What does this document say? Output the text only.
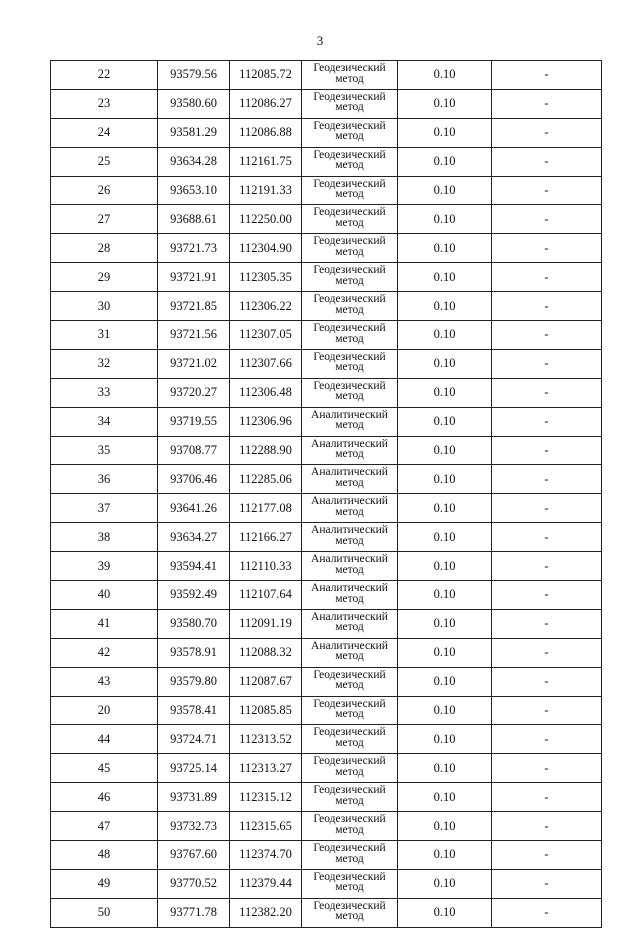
3
22	93579.56	112085.72	Геодезический метод	0.10	-
23	93580.60	112086.27	Геодезический метод	0.10	-
24	93581.29	112086.88	Геодезический метод	0.10	-
25	93634.28	112161.75	Геодезический метод	0.10	-
26	93653.10	112191.33	Геодезический метод	0.10	-
27	93688.61	112250.00	Геодезический метод	0.10	-
28	93721.73	112304.90	Геодезический метод	0.10	-
29	93721.91	112305.35	Геодезический метод	0.10	-
30	93721.85	112306.22	Геодезический метод	0.10	-
31	93721.56	112307.05	Геодезический метод	0.10	-
32	93721.02	112307.66	Геодезический метод	0.10	-
33	93720.27	112306.48	Геодезический метод	0.10	-
34	93719.55	112306.96	Аналитический метод	0.10	-
35	93708.77	112288.90	Аналитический метод	0.10	-
36	93706.46	112285.06	Аналитический метод	0.10	-
37	93641.26	112177.08	Аналитический метод	0.10	-
38	93634.27	112166.27	Аналитический метод	0.10	-
39	93594.41	112110.33	Аналитический метод	0.10	-
40	93592.49	112107.64	Аналитический метод	0.10	-
41	93580.70	112091.19	Аналитический метод	0.10	-
42	93578.91	112088.32	Аналитический метод	0.10	-
43	93579.80	112087.67	Геодезический метод	0.10	-
20	93578.41	112085.85	Геодезический метод	0.10	-
44	93724.71	112313.52	Геодезический метод	0.10	-
45	93725.14	112313.27	Геодезический метод	0.10	-
46	93731.89	112315.12	Геодезический метод	0.10	-
47	93732.73	112315.65	Геодезический метод	0.10	-
48	93767.60	112374.70	Геодезический метод	0.10	-
49	93770.52	112379.44	Геодезический метод	0.10	-
50	93771.78	112382.20	Геодезический метод	0.10	-
